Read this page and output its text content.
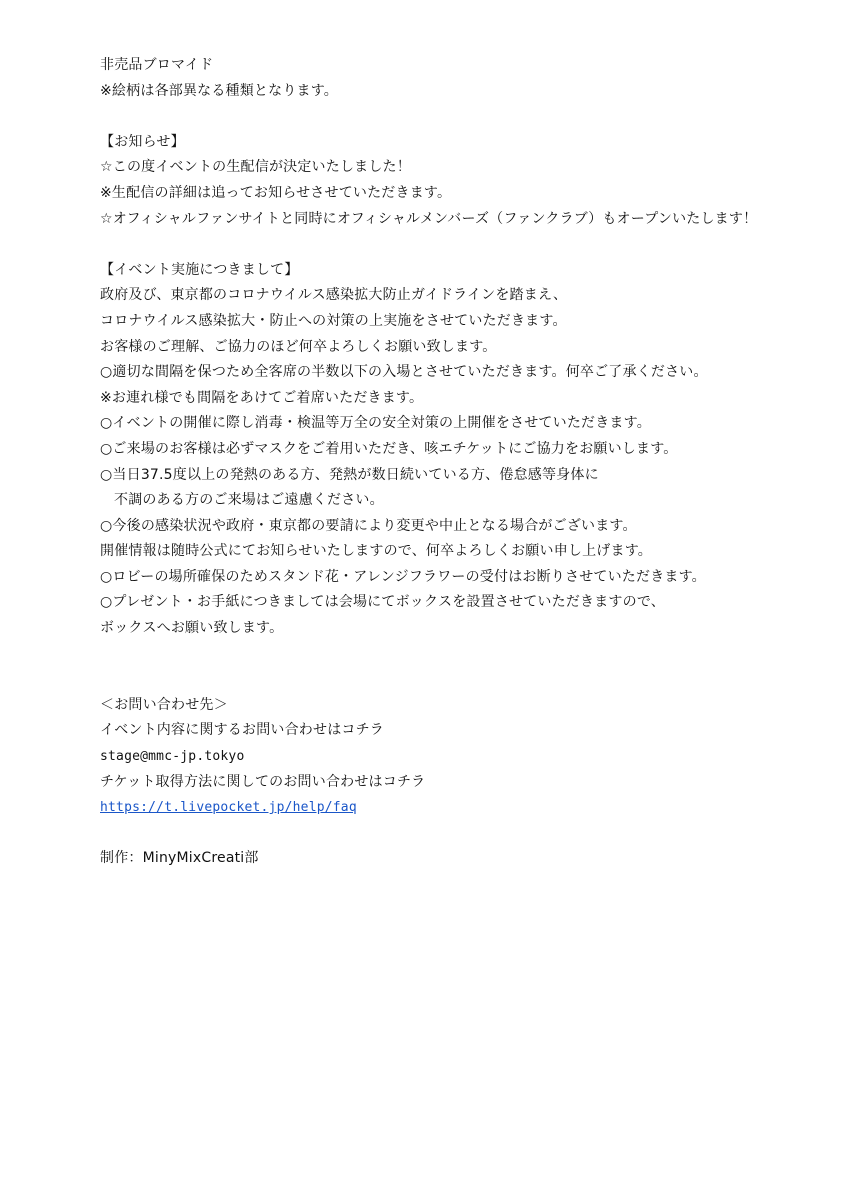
非売品ブロマイド
※絵柄は各部異なる種類となります。
【お知らせ】
☆この度イベントの生配信が決定いたしました！
※生配信の詳細は追ってお知らせさせていただきます。
☆オフィシャルファンサイトと同時にオフィシャルメンバーズ（ファンクラブ）もオープンいたします！
【イベント実施につきまして】
政府及び、東京都のコロナウイルス感染拡大防止ガイドラインを踏まえ、
コロナウイルス感染拡大・防止への対策の上実施をさせていただきます。
お客様のご理解、ご協力のほど何卒よろしくお願い致します。
○適切な間隔を保つため全客席の半数以下の入場とさせていただきます。何卒ご了承ください。
※お連れ様でも間隔をあけてご着席いただきます。
○イベントの開催に際し消毒・検温等万全の安全対策の上開催をさせていただきます。
○ご来場のお客様は必ずマスクをご着用いただき、咳エチケットにご協力をお願いします。
○当日37.5度以上の発熱のある方、発熱が数日続いている方、倦怠感等身体に
不調のある方のご来場はご遠慮ください。
○今後の感染状況や政府・東京都の要請により変更や中止となる場合がございます。
開催情報は随時公式にてお知らせいたしますので、何卒よろしくお願い申し上げます。
○ロビーの場所確保のためスタンド花・アレンジフラワーの受付はお断りさせていただきます。
○プレゼント・お手紙につきましては会場にてボックスを設置させていただきますので、
ボックスへお願い致します。
＜お問い合わせ先＞
イベント内容に関するお問い合わせはコチラ
stage@mmc-jp.tokyo
チケット取得方法に関してのお問い合わせはコチラ
https://t.livepocket.jp/help/faq
制作：MinyMixCreati部
